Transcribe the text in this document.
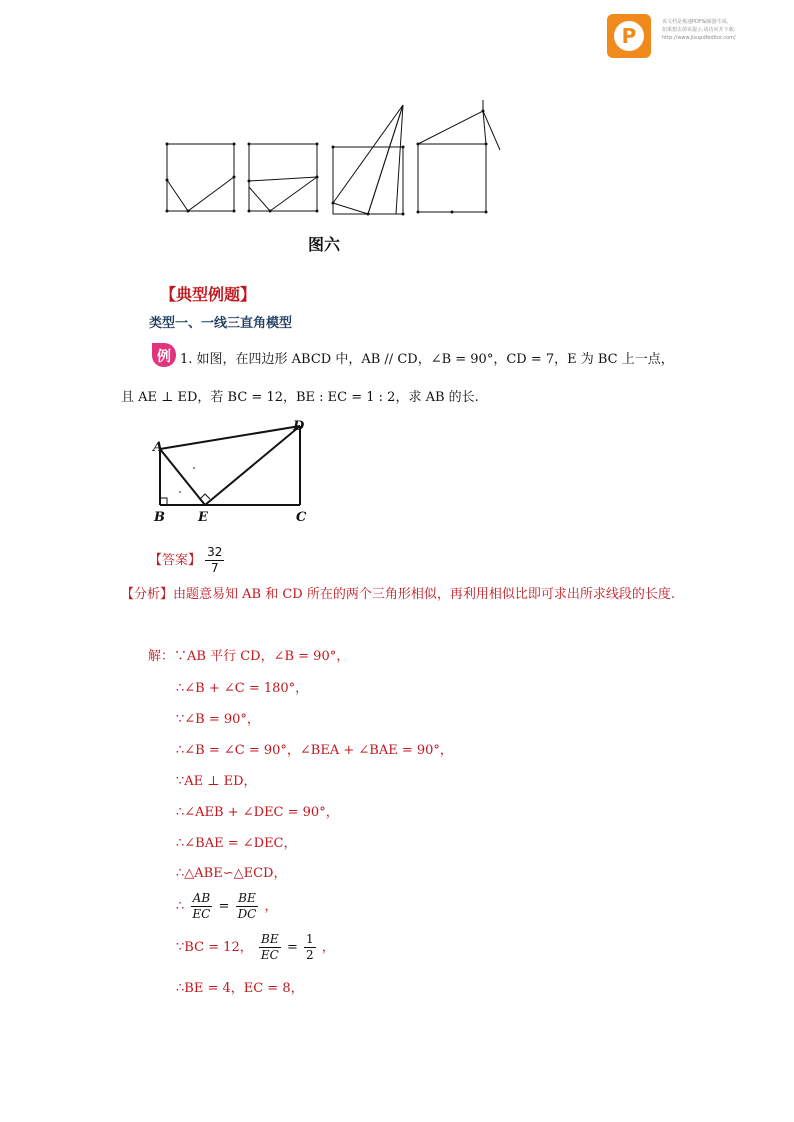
P
该文档是极速PDF编辑器生成,
如果想去掉该提示,请访问并下载:
http://www.jisupdfeditor.com/
图六
【典型例题】
类型一、一线三直角模型
例 1. 如图，在四边形 ABCD 中，AB // CD，∠B = 90°，CD = 7，E 为 BC 上一点，
且 AE ⊥ ED，若 BC = 12，BE : EC = 1 : 2，求 AB 的长.
A
B	E	C
D
【答案】 $\frac{32}{7}$
【分析】由题意易知 AB 和 CD 所在的两个三角形相似，再利用相似比即可求出所求线段的长度.
解：∵AB 平行 CD，∠B = 90°，
∴∠B + ∠C = 180°，
∵∠B = 90°，
∴∠B = ∠C = 90°，∠BEA + ∠BAE = 90°，
∵AE ⊥ ED，
∴∠AEB + ∠DEC = 90°，
∴∠BAE = ∠DEC，
∴△ABE∽△ECD，
∴ $\frac{AB}{EC} = \frac{BE}{DC}$ ，
∵BC = 12， $\frac{BE}{EC} = \frac{1}{2}$ ，
∴BE = 4，EC = 8，
